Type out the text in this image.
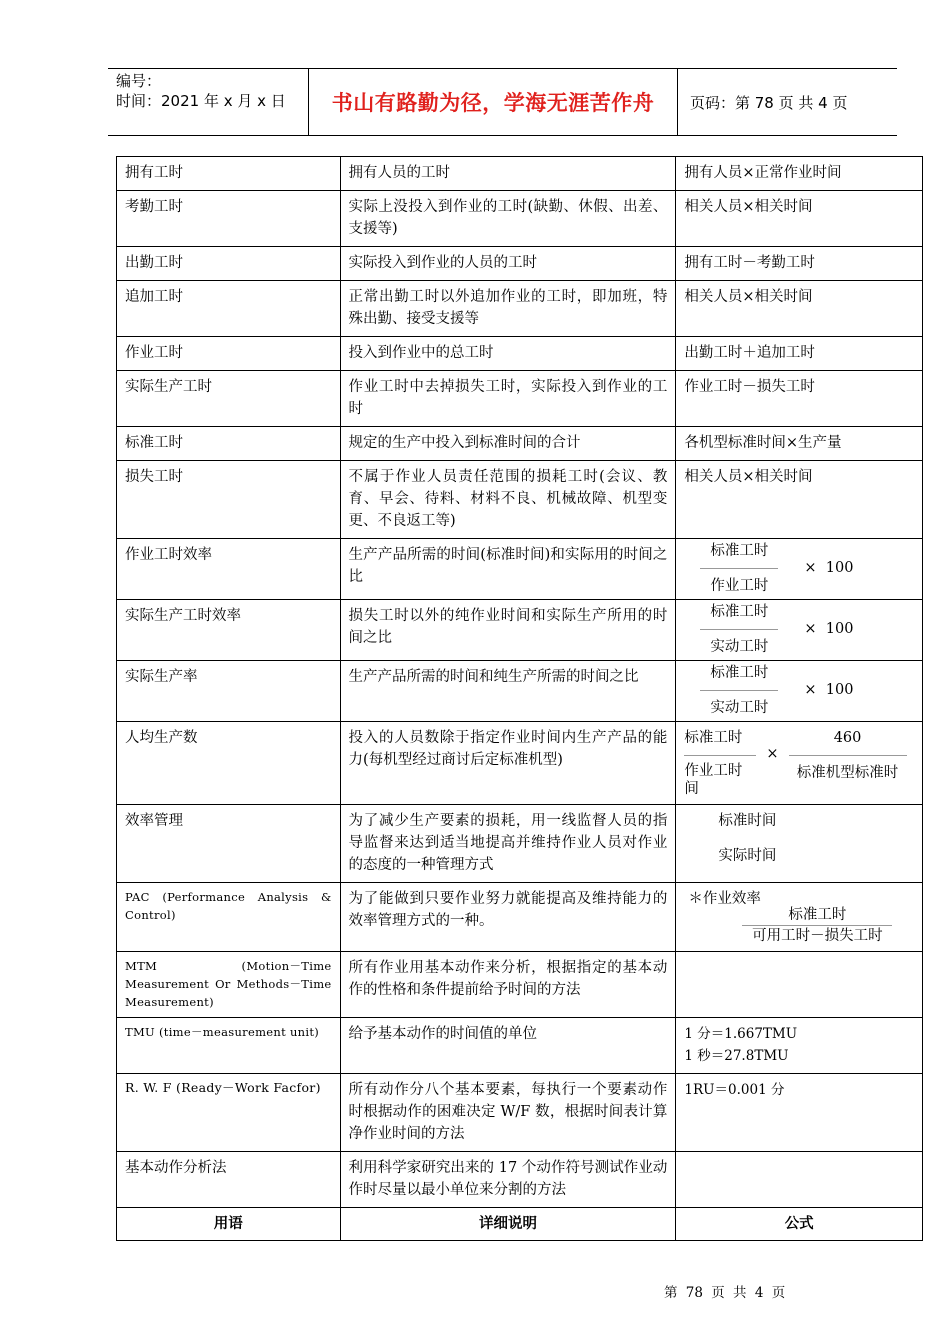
编号：
时间：2021 年 x 月 x 日	书山有路勤为径，学海无涯苦作舟 页码：第 78 页 共 4 页
拥有工时	拥有人员的工时	拥有人员×正常作业时间
考勤工时	实际上没投入到作业的工时(缺勤、休假、出差、支援等)	相关人员×相关时间
出勤工时	实际投入到作业的人员的工时	拥有工时－考勤工时
追加工时	正常出勤工时以外追加作业的工时，即加班，特殊出勤、接受支援等	相关人员×相关时间
作业工时	投入到作业中的总工时	出勤工时＋追加工时
实际生产工时	作业工时中去掉损失工时，实际投入到作业的工时	作业工时－损失工时
标准工时	规定的生产中投入到标准时间的合计	各机型标准时间×生产量
损失工时	不属于作业人员责任范围的损耗工时(会议、教育、早会、待料、材料不良、机械故障、机型变更、不良返工等)	相关人员×相关时间
作业工时效率	生产产品所需的时间(标准时间)和实际用的时间之比	$\frac{\text{标准工时}}{\text{作业工时}} \times 100$

实际生产工时效率	损失工时以外的纯作业时间和实际生产所用的时间之比	$\frac{\text{标准工时}}{\text{实动工时}} \times 100$

实际生产率	生产产品所需的时间和纯生产所需的时间之比	$\frac{\text{标准工时}}{\text{实动工时}} \times 100$

人均生产数	投入的人员数除于指定作业时间内生产产品的能力(每机型经过商讨后定标准机型)	标准工时
作业工时间
×
460
标准机型标准时

效率管理	为了减少生产要素的损耗，用一线监督人员的指导监督来达到适当地提高并维持作业人员对作业的态度的一种管理方式	标准时间
实际时间

PAC (Performance Analysis & Control)	为了能做到只要作业努力就能提高及维持能力的效率管理方式的一种。	＊作业效率
标准工时
可用工时－损失工时

MTM (Motion－Time Measurement Or Methods－Time Measurement)	所有作业用基本动作来分析，根据指定的基本动作的性格和条件提前给予时间的方法	

TMU (time－measurement unit)	给予基本动作的时间值的单位	1 分＝1.667TMU
1 秒＝27.8TMU

R. W. F (Ready－Work Facfor)	所有动作分八个基本要素，每执行一个要素动作时根据动作的困难决定 W/F 数，根据时间表计算净作业时间的方法	1RU＝0.001 分
基本动作分析法	利用科学家研究出来的 17 个动作符号测试作业动作时尽量以最小单位来分割的方法	
用语	详细说明	公式
第 78 页 共 4 页
